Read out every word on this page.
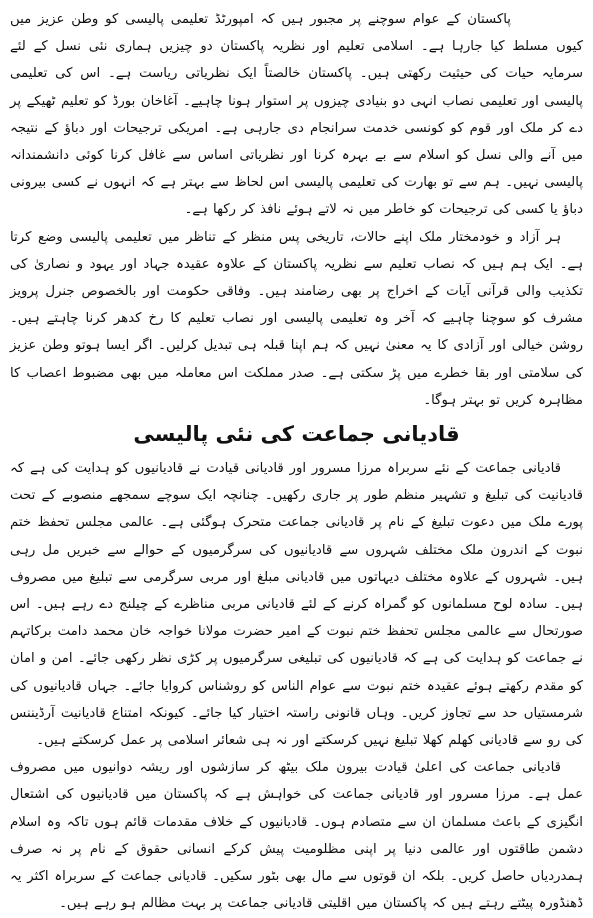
پاکستان کے عوام سوچنے پر مجبور ہیں کہ امپورٹڈ تعلیمی پالیسی کو وطن عزیز میں کیوں مسلط کیا جارہا ہے۔ اسلامی تعلیم اور نظریہ پاکستان دو چیزیں ہماری نئی نسل کے لئے سرمایہ حیات کی حیثیت رکھتی ہیں۔ پاکستان خالصتاً ایک نظریاتی ریاست ہے۔ اس کی تعلیمی پالیسی اور تعلیمی نصاب انہی دو بنیادی چیزوں پر استوار ہونا چاہیے۔ آغاخان بورڈ کو تعلیم ٹھیکے پر دے کر ملک اور قوم کو کونسی خدمت سرانجام دی جارہی ہے۔ امریکی ترجیحات اور دباؤ کے نتیجہ میں آنے والی نسل کو اسلام سے بے بہرہ کرنا اور نظریاتی اساس سے غافل کرنا کوئی دانشمندانہ پالیسی نہیں۔ ہم سے تو بھارت کی تعلیمی پالیسی اس لحاظ سے بہتر ہے کہ انہوں نے کسی بیرونی دباؤ یا کسی کی ترجیحات کو خاطر میں نہ لاتے ہوئے نافذ کر رکھا ہے۔

ہر آزاد و خودمختار ملک اپنے حالات، تاریخی پس منظر کے تناظر میں تعلیمی پالیسی وضع کرتا ہے۔ ایک ہم ہیں کہ نصاب تعلیم سے نظریہ پاکستان کے علاوہ عقیدہ جہاد اور یہود و نصاریٰ کی تکذیب والی قرآنی آیات کے اخراج پر بھی رضامند ہیں۔ وفاقی حکومت اور بالخصوص جنرل پرویز مشرف کو سوچنا چاہیے کہ آخر وہ تعلیمی پالیسی اور نصاب تعلیم کا رخ کدھر کرنا چاہتے ہیں۔ روشن خیالی اور آزادی کا یہ معنیٰ نہیں کہ ہم اپنا قبلہ ہی تبدیل کرلیں۔ اگر ایسا ہوتو وطن عزیز کی سلامتی اور بقا خطرے میں پڑ سکتی ہے۔ صدر مملکت اس معاملہ میں بھی مضبوط اعصاب کا مظاہرہ کریں تو بہتر ہوگا۔

قادیانی جماعت کی نئی پالیسی

قادیانی جماعت کے نئے سربراہ مرزا مسرور اور قادیانی قیادت نے قادیانیوں کو ہدایت کی ہے کہ قادیانیت کی تبلیغ و تشہیر منظم طور پر جاری رکھیں۔ چنانچہ ایک سوچے سمجھے منصوبے کے تحت پورے ملک میں دعوت تبلیغ کے نام پر قادیانی جماعت متحرک ہوگئی ہے۔ عالمی مجلس تحفظ ختم نبوت کے اندرون ملک مختلف شہروں سے قادیانیوں کی سرگرمیوں کے حوالے سے خبریں مل رہی ہیں۔ شہروں کے علاوہ مختلف دیہاتوں میں قادیانی مبلغ اور مربی سرگرمی سے تبلیغ میں مصروف ہیں۔ سادہ لوح مسلمانوں کو گمراہ کرنے کے لئے قادیانی مربی مناظرے کے چیلنج دے رہے ہیں۔ اس صورتحال سے عالمی مجلس تحفظ ختم نبوت کے امیر حضرت مولانا خواجہ خان محمد دامت برکاتہم نے جماعت کو ہدایت کی ہے کہ قادیانیوں کی تبلیغی سرگرمیوں پر کڑی نظر رکھی جائے۔ امن و امان کو مقدم رکھتے ہوئے عقیدہ ختم نبوت سے عوام الناس کو روشناس کروایا جائے۔ جہاں قادیانیوں کی شرمستیاں حد سے تجاوز کریں۔ وہاں قانونی راستہ اختیار کیا جائے۔ کیونکہ امتناع قادیانیت آرڈیننس کی رو سے قادیانی کھلم کھلا تبلیغ نہیں کرسکتے اور نہ ہی شعائر اسلامی پر عمل کرسکتے ہیں۔

قادیانی جماعت کی اعلیٰ قیادت بیرون ملک بیٹھ کر سازشوں اور ریشہ دوانیوں میں مصروف عمل ہے۔ مرزا مسرور اور قادیانی جماعت کی خواہش ہے کہ پاکستان میں قادیانیوں کی اشتعال انگیزی کے باعث مسلمان ان سے متصادم ہوں۔ قادیانیوں کے خلاف مقدمات قائم ہوں تاکہ وہ اسلام دشمن طاقتوں اور عالمی دنیا پر اپنی مظلومیت پیش کرکے انسانی حقوق کے نام پر نہ صرف ہمدردیاں حاصل کریں۔ بلکہ ان قوتوں سے مال بھی بٹور سکیں۔ قادیانی جماعت کے سربراہ اکثر یہ ڈھنڈورہ پیٹتے رہتے ہیں کہ پاکستان میں اقلیتی قادیانی جماعت پر بہت مظالم ہو رہے ہیں۔
